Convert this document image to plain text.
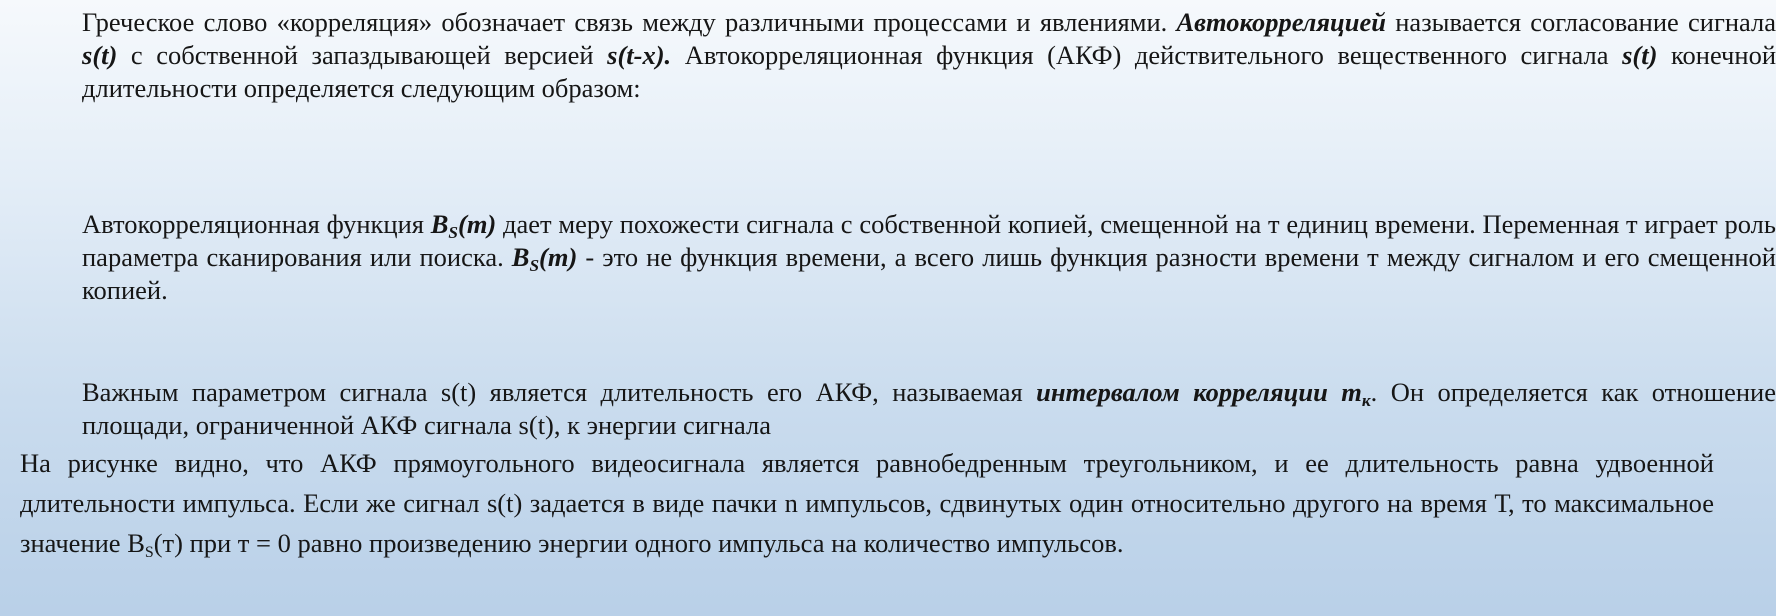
Греческое слово «корреляция» обозначает связь между различными процессами и явлениями. Автокорреляцией называется согласование сигнала s(t) с собственной запаздывающей версией s(t-x). Автокорреляционная функция (АКФ) действительного вещественного сигнала s(t) конечной длительности определяется следующим образом:

Автокорреляционная функция $B_S(т)$ дает меру похожести сигнала с собственной копией, смещенной на т единиц времени. Переменная т играет роль параметра сканирования или поиска. $B_S(т)$ - это не функция времени, а всего лишь функция разности времени т между сигналом и его смещенной копией.

Важным параметром сигнала s(t) является длительность его АКФ, называемая интервалом корреляции $т_к$. Он определяется как отношение площади, ограниченной АКФ сигнала s(t), к энергии сигнала

На рисунке видно, что АКФ прямоугольного видеосигнала является равнобедренным треугольником, и ее длительность равна удвоенной длительности импульса. Если же сигнал s(t) задается в виде пачки n импульсов, сдвинутых один относительно другого на время Т, то максимальное значение $B_S(т)$ при т = 0 равно произведению энергии одного импульса на количество импульсов.
